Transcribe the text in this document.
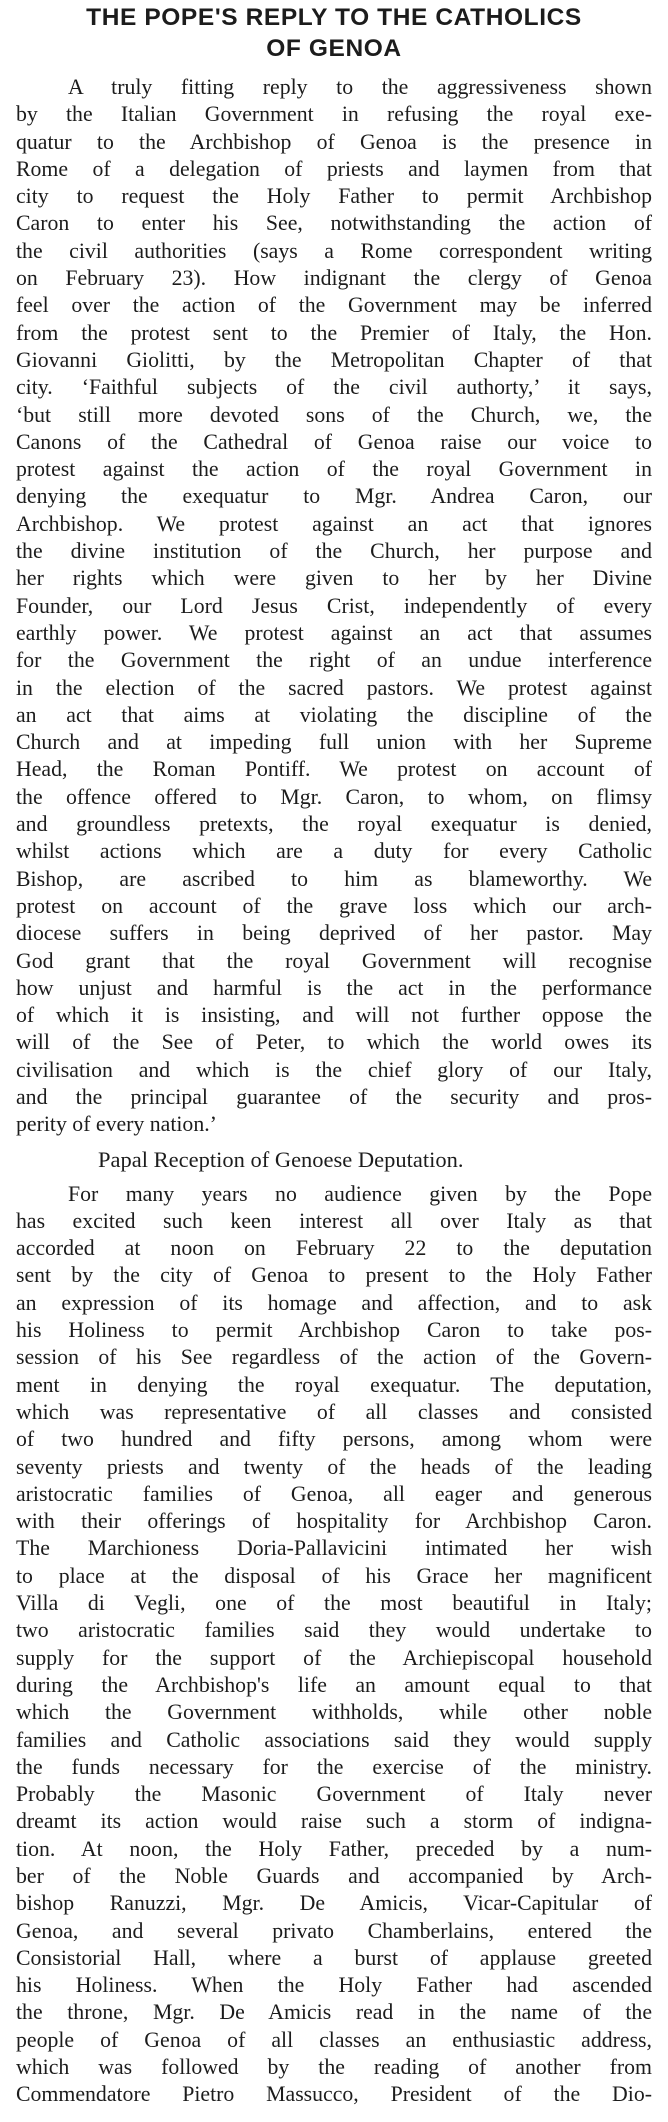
THE POPE'S REPLY TO THE CATHOLICS
OF GENOA
A truly fitting reply to the aggressiveness shown
by the Italian Government in refusing the royal exe-
quatur to the Archbishop of Genoa is the presence in
Rome of a delegation of priests and laymen from that
city to request the Holy Father to permit Archbishop
Caron to enter his See, notwithstanding the action of
the civil authorities (says a Rome correspondent writing
on February 23). How indignant the clergy of Genoa
feel over the action of the Government may be inferred
from the protest sent to the Premier of Italy, the Hon.
Giovanni Giolitti, by the Metropolitan Chapter of that
city. ‘Faithful subjects of the civil authorty,’ it says,
‘but still more devoted sons of the Church, we, the
Canons of the Cathedral of Genoa raise our voice to
protest against the action of the royal Government in
denying the exequatur to Mgr. Andrea Caron, our
Archbishop. We protest against an act that ignores
the divine institution of the Church, her purpose and
her rights which were given to her by her Divine
Founder, our Lord Jesus Crist, independently of every
earthly power. We protest against an act that assumes
for the Government the right of an undue interference
in the election of the sacred pastors. We protest against
an act that aims at violating the discipline of the
Church and at impeding full union with her Supreme
Head, the Roman Pontiff. We protest on account of
the offence offered to Mgr. Caron, to whom, on flimsy
and groundless pretexts, the royal exequatur is denied,
whilst actions which are a duty for every Catholic
Bishop, are ascribed to him as blameworthy. We
protest on account of the grave loss which our arch-
diocese suffers in being deprived of her pastor. May
God grant that the royal Government will recognise
how unjust and harmful is the act in the performance
of which it is insisting, and will not further oppose the
will of the See of Peter, to which the world owes its
civilisation and which is the chief glory of our Italy,
and the principal guarantee of the security and pros-
perity of every nation.’
Papal Reception of Genoese Deputation.
For many years no audience given by the Pope
has excited such keen interest all over Italy as that
accorded at noon on February 22 to the deputation
sent by the city of Genoa to present to the Holy Father
an expression of its homage and affection, and to ask
his Holiness to permit Archbishop Caron to take pos-
session of his See regardless of the action of the Govern-
ment in denying the royal exequatur. The deputation,
which was representative of all classes and consisted
of two hundred and fifty persons, among whom were
seventy priests and twenty of the heads of the leading
aristocratic families of Genoa, all eager and generous
with their offerings of hospitality for Archbishop Caron.
The Marchioness Doria-Pallavicini intimated her wish
to place at the disposal of his Grace her magnificent
Villa di Vegli, one of the most beautiful in Italy;
two aristocratic families said they would undertake to
supply for the support of the Archiepiscopal household
during the Archbishop's life an amount equal to that
which the Government withholds, while other noble
families and Catholic associations said they would supply
the funds necessary for the exercise of the ministry.
Probably the Masonic Government of Italy never
dreamt its action would raise such a storm of indigna-
tion. At noon, the Holy Father, preceded by a num-
ber of the Noble Guards and accompanied by Arch-
bishop Ranuzzi, Mgr. De Amicis, Vicar-Capitular of
Genoa, and several privato Chamberlains, entered the
Consistorial Hall, where a burst of applause greeted
his Holiness. When the Holy Father had ascended
the throne, Mgr. De Amicis read in the name of the
people of Genoa of all classes an enthusiastic address,
which was followed by the reading of another from
Commendatore Pietro Massucco, President of the Dio-
